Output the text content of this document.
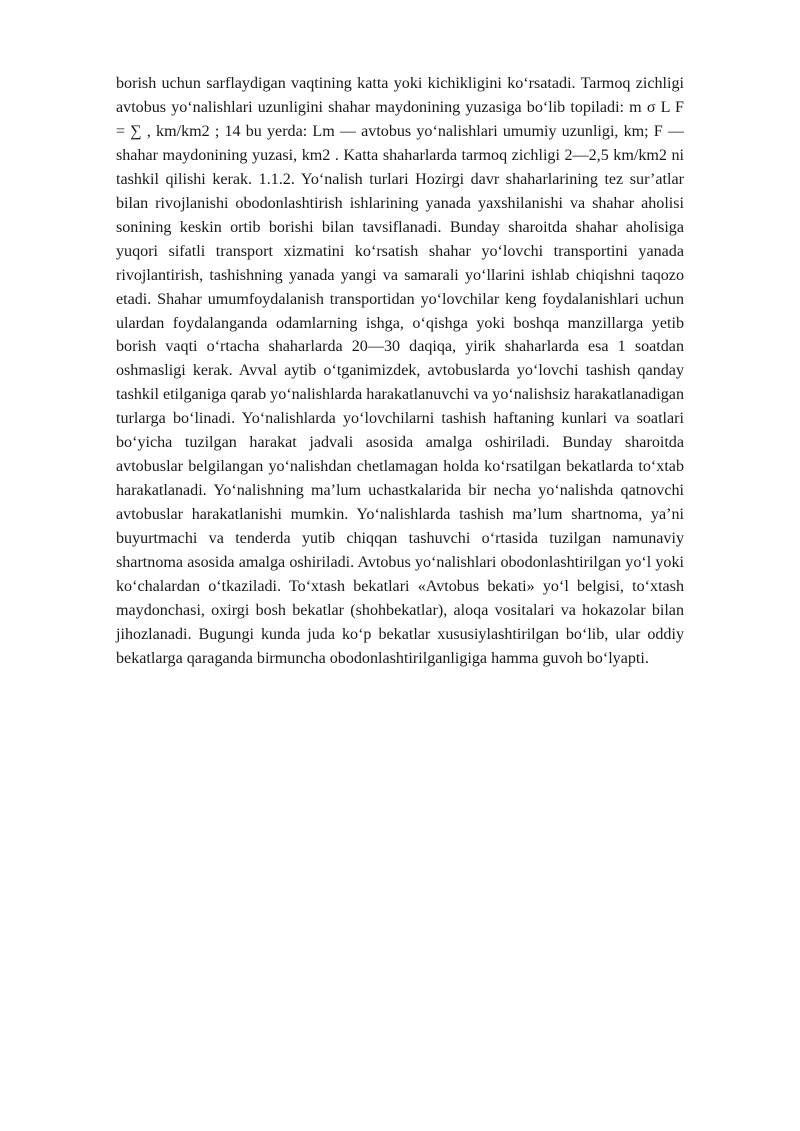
borish uchun sarflaydigan vaqtining katta yoki kichikligini ko‘rsatadi. Tarmoq zichligi avtobus yo‘nalishlari uzunligini shahar maydonining yuzasiga bo‘lib topiladi: m σ L F = ∑ , km/km2 ; 14 bu yerda: Lm — avtobus yo‘nalishlari umumiy uzunligi, km; F — shahar maydonining yuzasi, km2 . Katta shaharlarda tarmoq zichligi 2—2,5 km/km2 ni tashkil qilishi kerak. 1.1.2. Yo‘nalish turlari Hozirgi davr shaharlarining tez sur’atlar bilan rivojlanishi obodonlashtirish ishlarining yanada yaxshilanishi va shahar aholisi sonining keskin ortib borishi bilan tavsiflanadi. Bunday sharoitda shahar aholisiga yuqori sifatli transport xizmatini ko‘rsatish shahar yo‘lovchi transportini yanada rivojlantirish, tashishning yanada yangi va samarali yo‘llarini ishlab chiqishni taqozo etadi. Shahar umumfoydalanish transportidan yo‘lovchilar keng foydalanishlari uchun ulardan foydalanganda odamlarning ishga, o‘qishga yoki boshqa manzillarga yetib borish vaqti o‘rtacha shaharlarda 20—30 daqiqa, yirik shaharlarda esa 1 soatdan oshmasligi kerak. Avval aytib o‘tganimizdek, avtobuslarda yo‘lovchi tashish qanday tashkil etilganiga qarab yo‘nalishlarda harakatlanuvchi va yo‘nalishsiz harakatlanadigan turlarga bo‘linadi. Yo‘nalishlarda yo‘lovchilarni tashish haftaning kunlari va soatlari bo‘yicha tuzilgan harakat jadvali asosida amalga oshiriladi. Bunday sharoitda avtobuslar belgilangan yo‘nalishdan chetlamagan holda ko‘rsatilgan bekatlarda to‘xtab harakatlanadi. Yo‘nalishning ma’lum uchastkalarida bir necha yo‘nalishda qatnovchi avtobuslar harakatlanishi mumkin. Yo‘nalishlarda tashish ma’lum shartnoma, ya’ni buyurtmachi va tenderda yutib chiqqan tashuvchi o‘rtasida tuzilgan namunaviy shartnoma asosida amalga oshiriladi. Avtobus yo‘nalishlari obodonlashtirilgan yo‘l yoki ko‘chalardan o‘tkaziladi. To‘xtash bekatlari «Avtobus bekati» yo‘l belgisi, to‘xtash maydonchasi, oxirgi bosh bekatlar (shohbekatlar), aloqa vositalari va hokazolar bilan jihozlanadi. Bugungi kunda juda ko‘p bekatlar xususiylashtirilgan bo‘lib, ular oddiy bekatlarga qaraganda birmuncha obodonlashtirilganligiga hamma guvoh bo‘lyapti.
